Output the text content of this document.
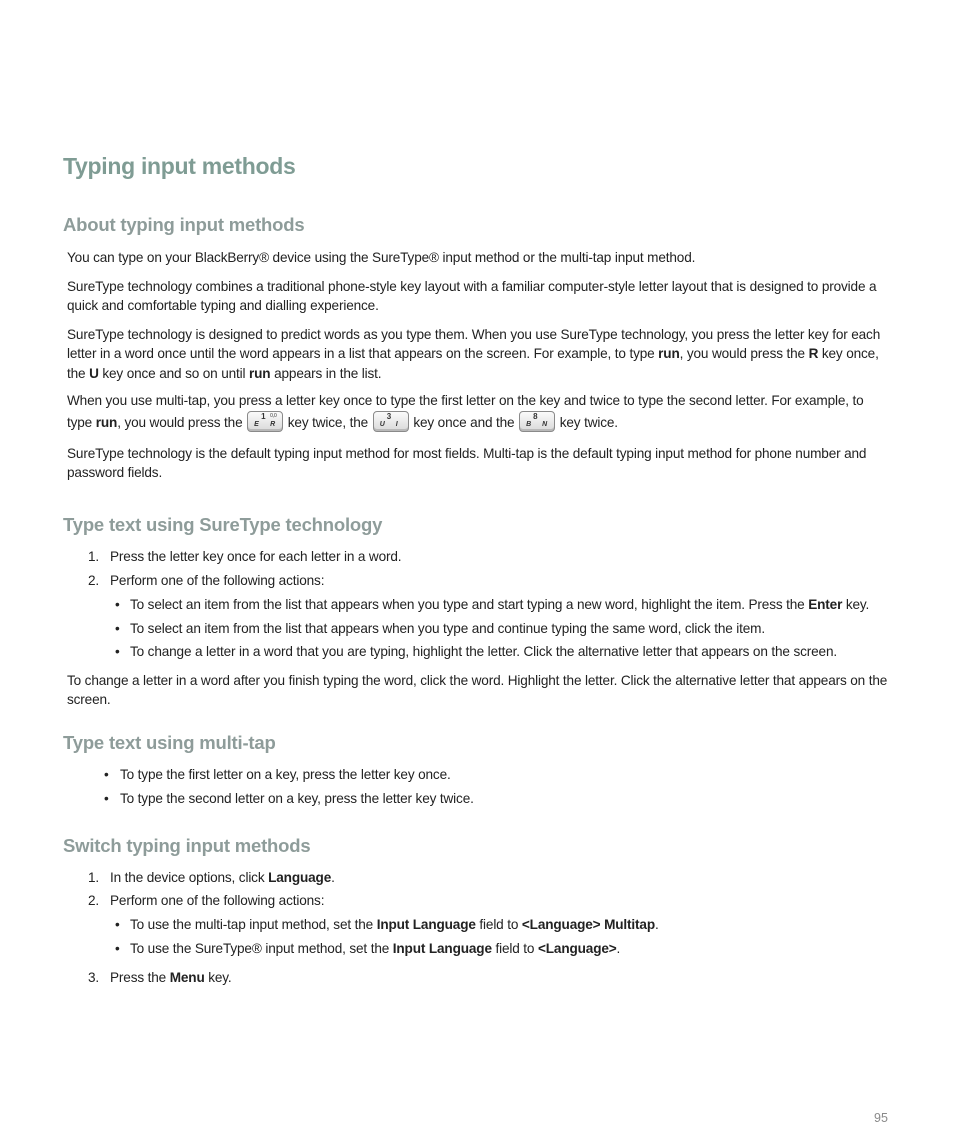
Typing input methods
About typing input methods

You can type on your BlackBerry® device using the SureType® input method or the multi-tap input method.

SureType technology combines a traditional phone-style key layout with a familiar computer-style letter layout that is designed to provide a quick and comfortable typing and dialling experience.

SureType technology is designed to predict words as you type them. When you use SureType technology, you press the letter key for each letter in a word once until the word appears in a list that appears on the screen. For example, to type run, you would press the R key once, the U key once and so on until run appears in the list.

When you use multi-tap, you press a letter key once to type the first letter on the key and twice to type the second letter. For example, to
type run, you would press the 1 0,0
E R key twice, the 3
U I key once and the 8
B N key twice.

SureType technology is the default typing input method for most fields. Multi-tap is the default typing input method for phone number and password fields.

Type text using SureType technology
1. Press the letter key once for each letter in a word.
2. Perform one of the following actions:
• To select an item from the list that appears when you type and start typing a new word, highlight the item. Press the Enter key.
• To select an item from the list that appears when you type and continue typing the same word, click the item.
• To change a letter in a word that you are typing, highlight the letter. Click the alternative letter that appears on the screen.

To change a letter in a word after you finish typing the word, click the word. Highlight the letter. Click the alternative letter that appears on the screen.

Type text using multi-tap
• To type the first letter on a key, press the letter key once.
• To type the second letter on a key, press the letter key twice.
Switch typing input methods
1. In the device options, click Language.
2. Perform one of the following actions:
• To use the multi-tap input method, set the Input Language field to <Language> Multitap.
• To use the SureType® input method, set the Input Language field to <Language>.
3. Press the Menu key.
95
